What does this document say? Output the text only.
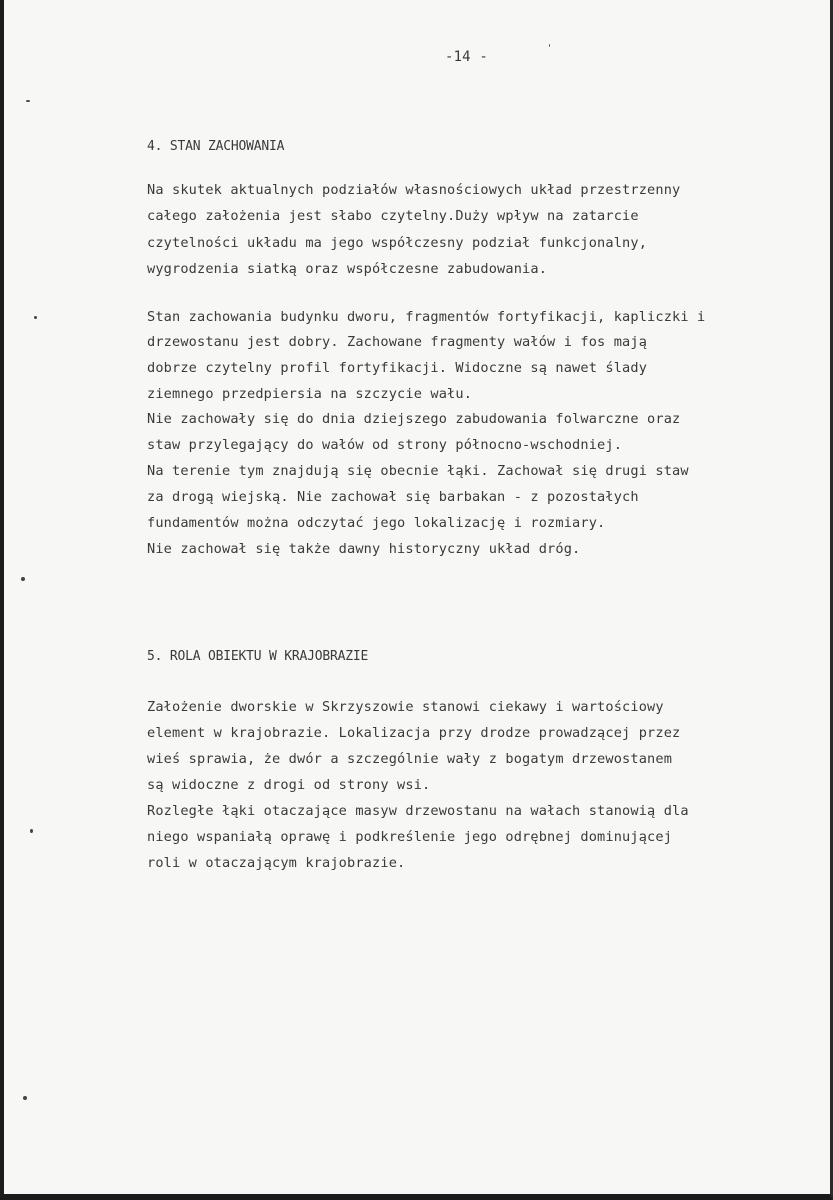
-14 -

4. STAN ZACHOWANIA

Na skutek aktualnych podziałów własnościowych układ przestrzenny

całego założenia jest słabo czytelny.Duży wpływ na zatarcie

czytelności układu ma jego współczesny podział funkcjonalny,

wygrodzenia siatką oraz współczesne zabudowania.

Stan zachowania budynku dworu, fragmentów fortyfikacji, kapliczki i

drzewostanu jest dobry. Zachowane fragmenty wałów i fos mają

dobrze czytelny profil fortyfikacji. Widoczne są nawet ślady

ziemnego przedpiersia na szczycie wału.

Nie zachowały się do dnia dziejszego zabudowania folwarczne oraz

staw przylegający do wałów od strony północno-wschodniej.

Na terenie tym znajdują się obecnie łąki. Zachował się drugi staw

za drogą wiejską. Nie zachował się barbakan - z pozostałych

fundamentów można odczytać jego lokalizację i rozmiary.

Nie zachował się także dawny historyczny układ dróg.

5. ROLA OBIEKTU W KRAJOBRAZIE

Założenie dworskie w Skrzyszowie stanowi ciekawy i wartościowy

element w krajobrazie. Lokalizacja przy drodze prowadzącej przez

wieś sprawia, że dwór a szczególnie wały z bogatym drzewostanem

są widoczne z drogi od strony wsi.

Rozległe łąki otaczające masyw drzewostanu na wałach stanowią dla

niego wspaniałą oprawę i podkreślenie jego odrębnej dominującej

roli w otaczającym krajobrazie.
